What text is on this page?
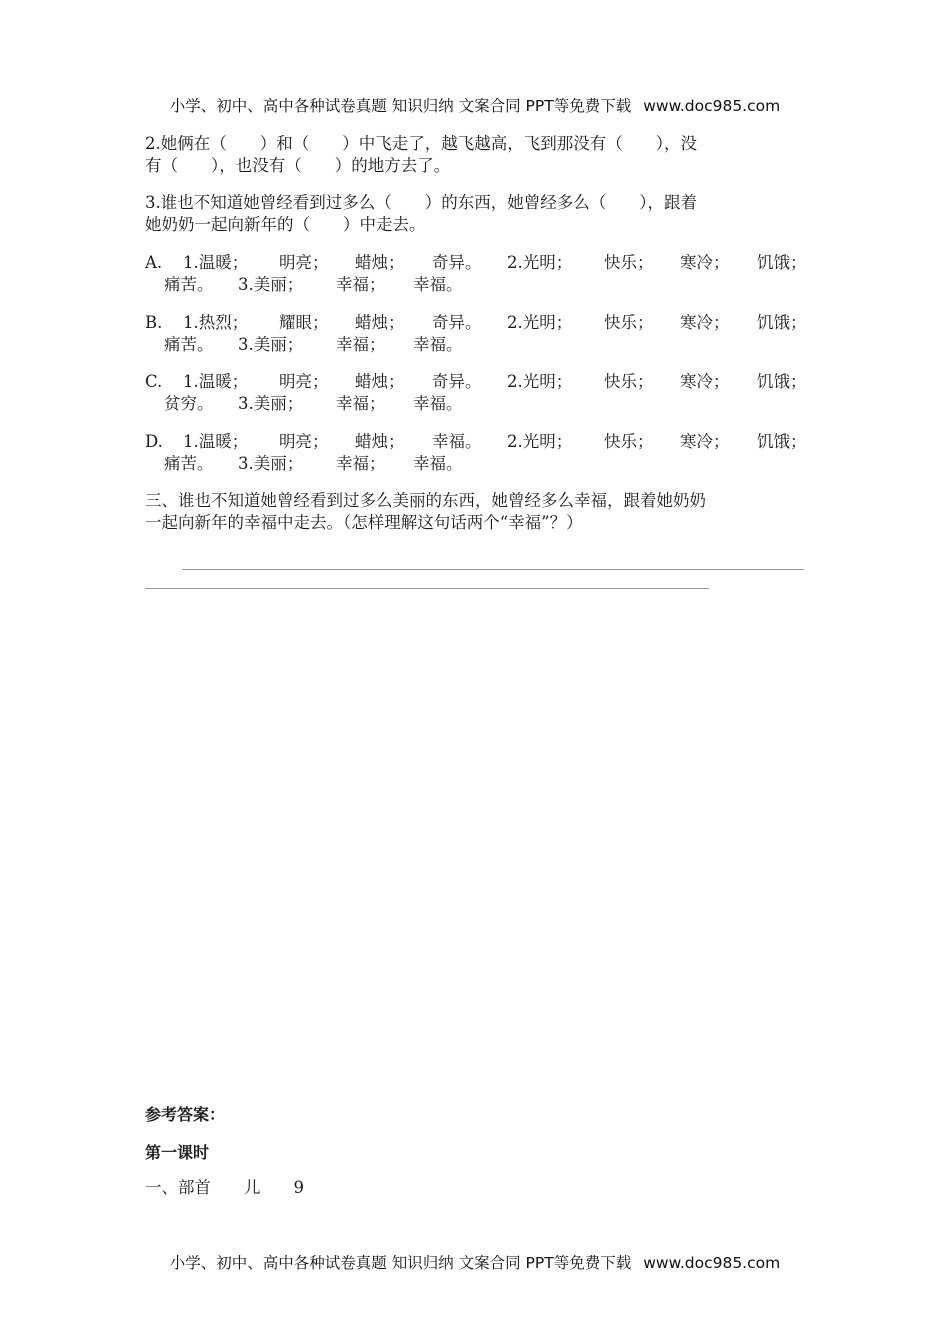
小学、初中、高中各种试卷真题 知识归纳 文案合同 PPT等免费下载 www.doc985.com
2.她俩在（　　）和（　　）中飞走了，越飞越高，飞到那没有（　　），没
有（　　），也没有（　　）的地方去了。
3.谁也不知道她曾经看到过多么（　　）的东西，她曾经多么（　　），跟着
她奶奶一起向新年的（　　）中走去。
A. 1.温暖； 明亮； 蜡烛； 奇异。 2.光明； 快乐； 寒冷； 饥饿；
痛苦。 3.美丽； 幸福； 幸福。
B. 1.热烈； 耀眼； 蜡烛； 奇异。 2.光明； 快乐； 寒冷； 饥饿；
痛苦。 3.美丽； 幸福； 幸福。
C. 1.温暖； 明亮； 蜡烛； 奇异。 2.光明； 快乐； 寒冷； 饥饿；
贫穷。 3.美丽； 幸福； 幸福。
D. 1.温暖； 明亮； 蜡烛； 幸福。 2.光明； 快乐； 寒冷； 饥饿；
痛苦。 3.美丽； 幸福； 幸福。
三、谁也不知道她曾经看到过多么美丽的东西，她曾经多么幸福，跟着她奶奶
一起向新年的幸福中走去。（怎样理解这句话两个“幸福”？）
参考答案：
第一课时
一、部首　　儿　　9
小学、初中、高中各种试卷真题 知识归纳 文案合同 PPT等免费下载 www.doc985.com
